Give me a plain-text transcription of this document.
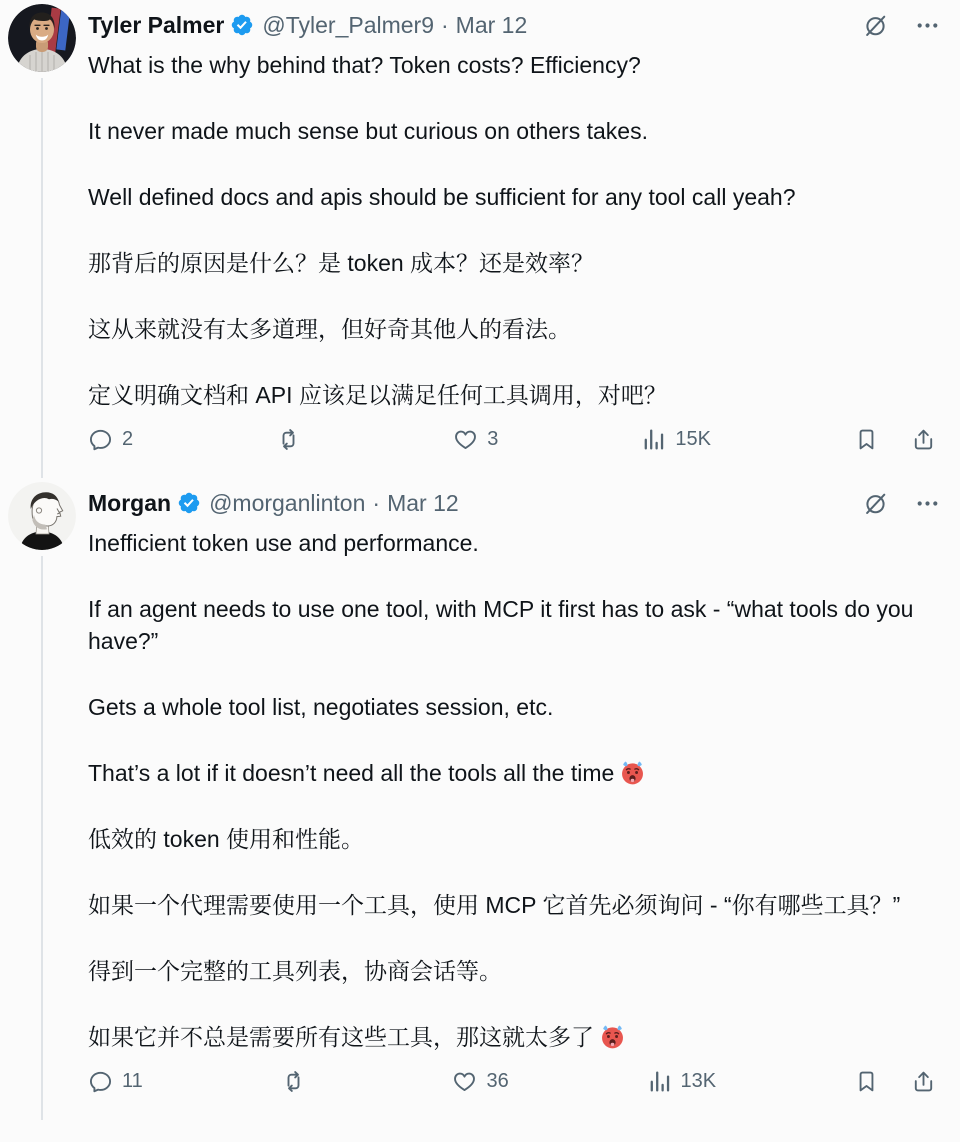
Tyler Palmer @Tyler_Palmer9 · Mar 12

What is the why behind that? Token costs? Efficiency?

It never made much sense but curious on others takes.

Well defined docs and apis should be sufficient for any tool call yeah?

那背后的原因是什么？是 token 成本？还是效率？

这从来就没有太多道理，但好奇其他人的看法。

定义明确文档和 API 应该足以满足任何工具调用，对吧？

2	3	15K
Morgan @morganlinton · Mar 12

Inefficient token use and performance.

If an agent needs to use one tool, with MCP it first has to ask - “what tools do you have?”

Gets a whole tool list, negotiates session, etc.

That’s a lot if it doesn’t need all the tools all the time

低效的 token 使用和性能。

如果一个代理需要使用一个工具，使用 MCP 它首先必须询问 - “你有哪些工具？”

得到一个完整的工具列表，协商会话等。

如果它并不总是需要所有这些工具，那这就太多了

11	36	13K
